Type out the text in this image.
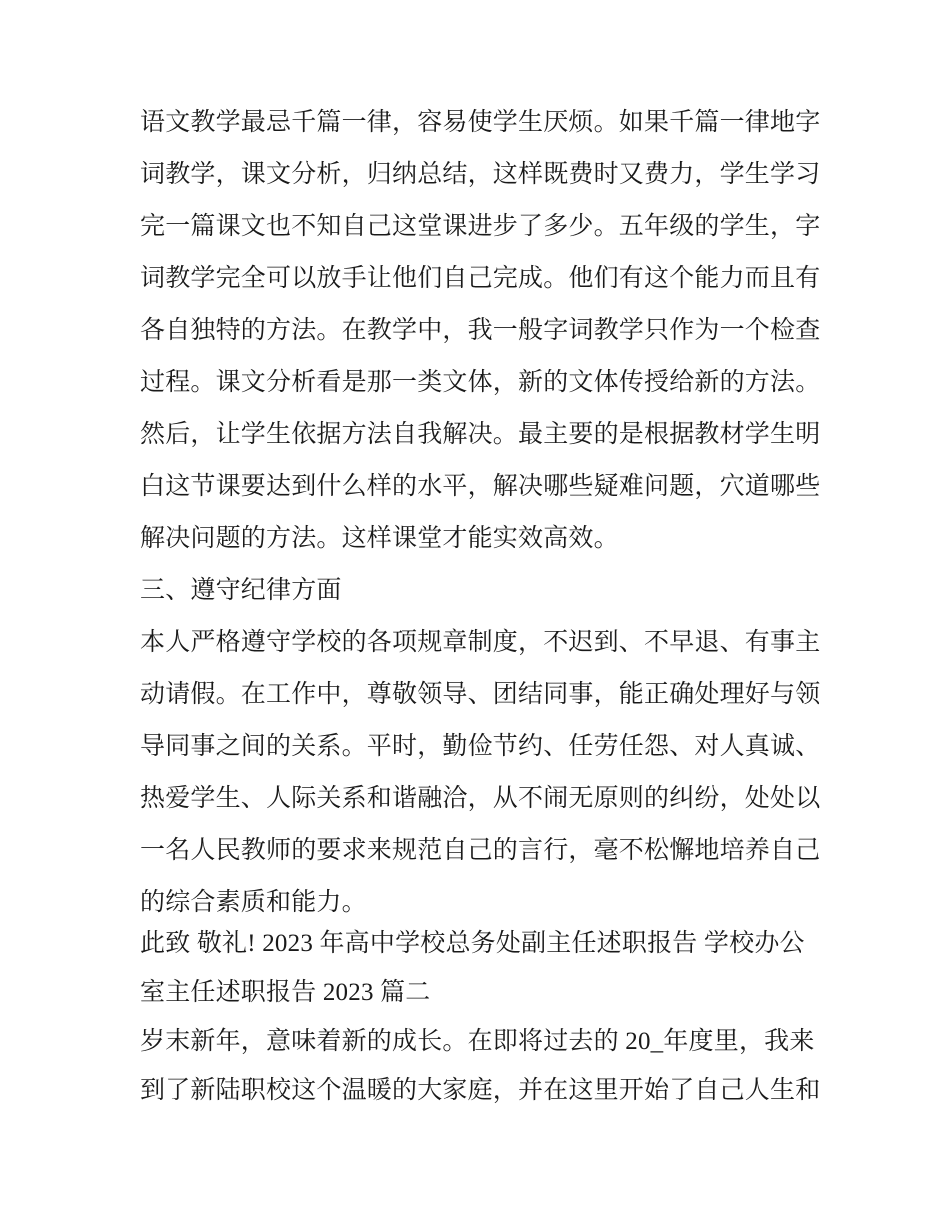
语文教学最忌千篇一律，容易使学生厌烦。如果千篇一律地字
词教学，课文分析，归纳总结，这样既费时又费力，学生学习
完一篇课文也不知自己这堂课进步了多少。五年级的学生，字
词教学完全可以放手让他们自己完成。他们有这个能力而且有
各自独特的方法。在教学中，我一般字词教学只作为一个检查
过程。课文分析看是那一类文体，新的文体传授给新的方法。
然后，让学生依据方法自我解决。最主要的是根据教材学生明
白这节课要达到什么样的水平，解决哪些疑难问题，穴道哪些
解决问题的方法。这样课堂才能实效高效。
三、遵守纪律方面
本人严格遵守学校的各项规章制度，不迟到、不早退、有事主
动请假。在工作中，尊敬领导、团结同事，能正确处理好与领
导同事之间的关系。平时，勤俭节约、任劳任怨、对人真诚、
热爱学生、人际关系和谐融洽，从不闹无原则的纠纷，处处以
一名人民教师的要求来规范自己的言行，毫不松懈地培养自己
的综合素质和能力。
此致 敬礼! 2023 年高中学校总务处副主任述职报告 学校办公
室主任述职报告 2023 篇二
岁末新年，意味着新的成长。在即将过去的 20_年度里，我来
到了新陆职校这个温暖的大家庭，并在这里开始了自己人生和
